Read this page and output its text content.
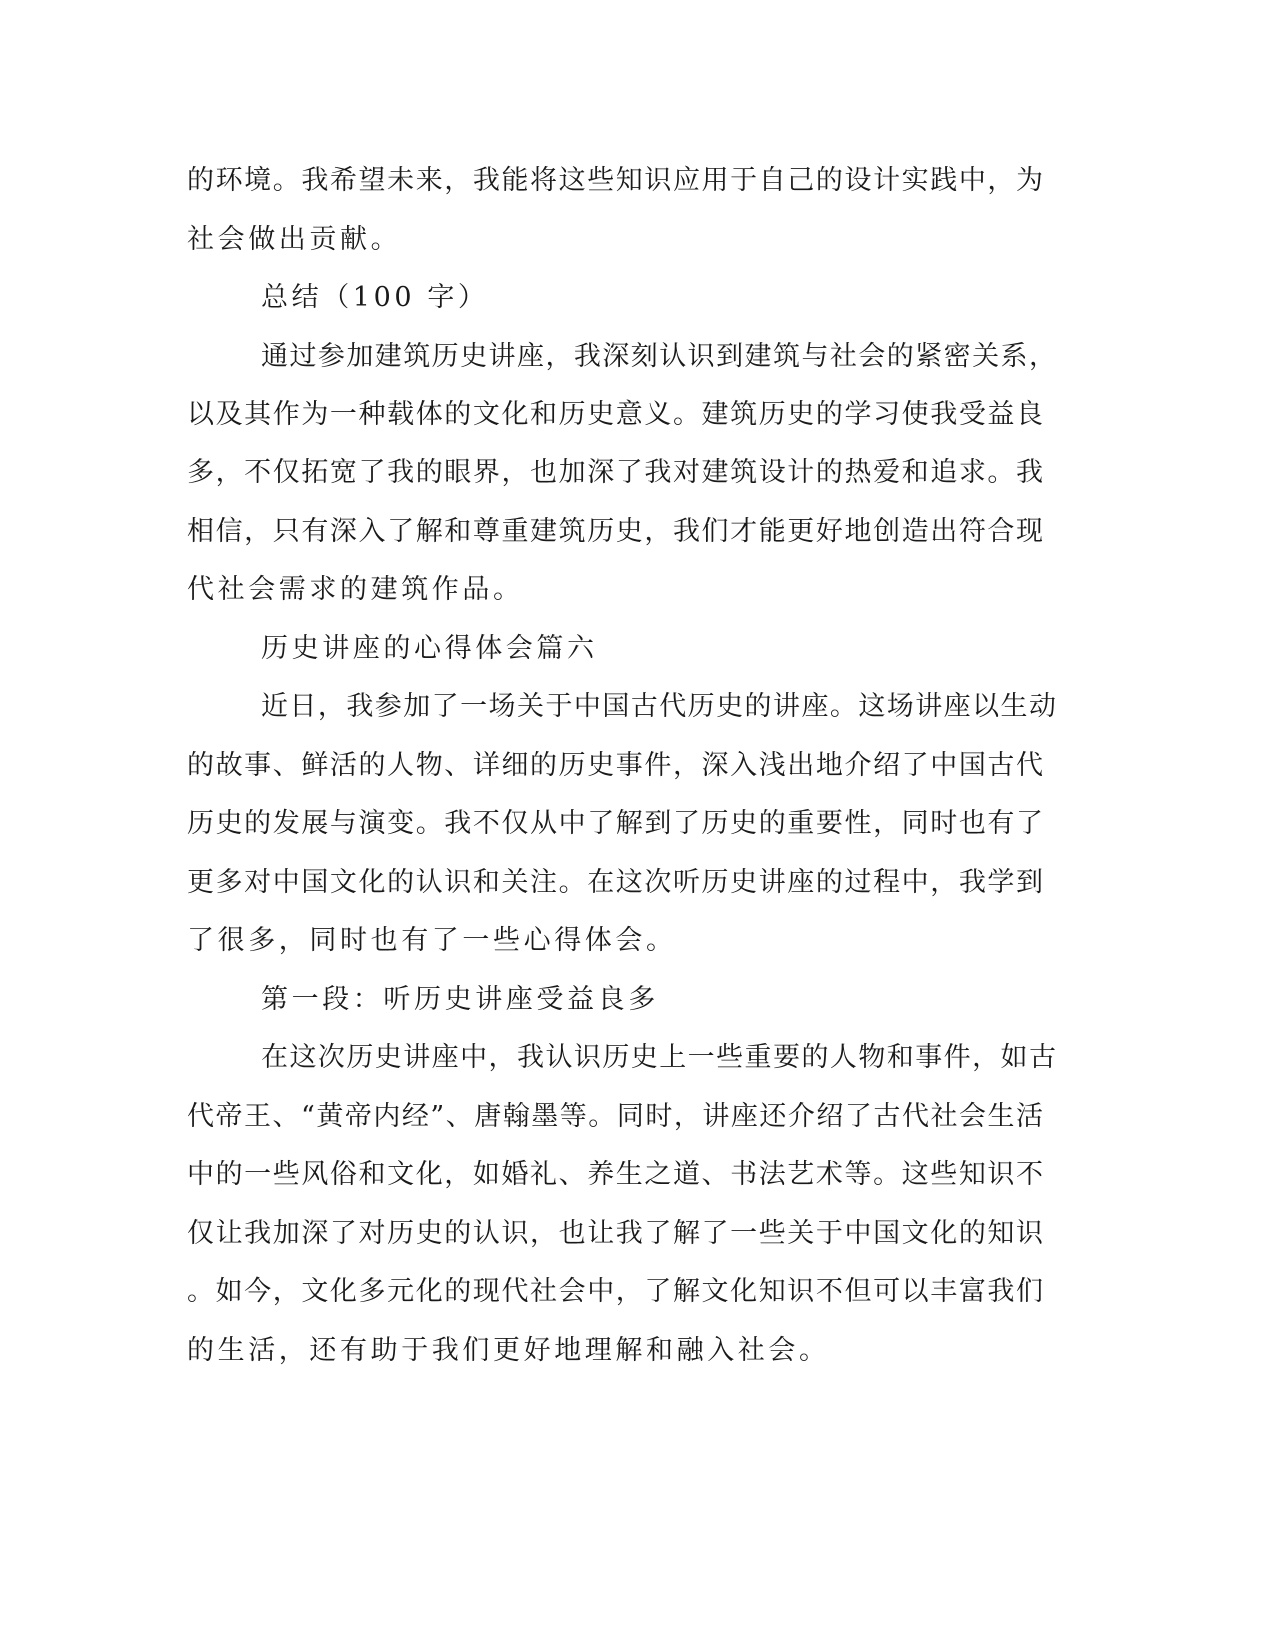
的环境。我希望未来，我能将这些知识应用于自己的设计实践中，为
社会做出贡献。
总结（100 字）
通过参加建筑历史讲座，我深刻认识到建筑与社会的紧密关系，
以及其作为一种载体的文化和历史意义。建筑历史的学习使我受益良
多，不仅拓宽了我的眼界，也加深了我对建筑设计的热爱和追求。我
相信，只有深入了解和尊重建筑历史，我们才能更好地创造出符合现
代社会需求的建筑作品。
历史讲座的心得体会篇六
近日，我参加了一场关于中国古代历史的讲座。这场讲座以生动
的故事、鲜活的人物、详细的历史事件，深入浅出地介绍了中国古代
历史的发展与演变。我不仅从中了解到了历史的重要性，同时也有了
更多对中国文化的认识和关注。在这次听历史讲座的过程中，我学到
了很多，同时也有了一些心得体会。
第一段：听历史讲座受益良多
在这次历史讲座中，我认识历史上一些重要的人物和事件，如古
代帝王、“黄帝内经”、唐翰墨等。同时，讲座还介绍了古代社会生活
中的一些风俗和文化，如婚礼、养生之道、书法艺术等。这些知识不
仅让我加深了对历史的认识，也让我了解了一些关于中国文化的知识
。如今，文化多元化的现代社会中，了解文化知识不但可以丰富我们
的生活，还有助于我们更好地理解和融入社会。
